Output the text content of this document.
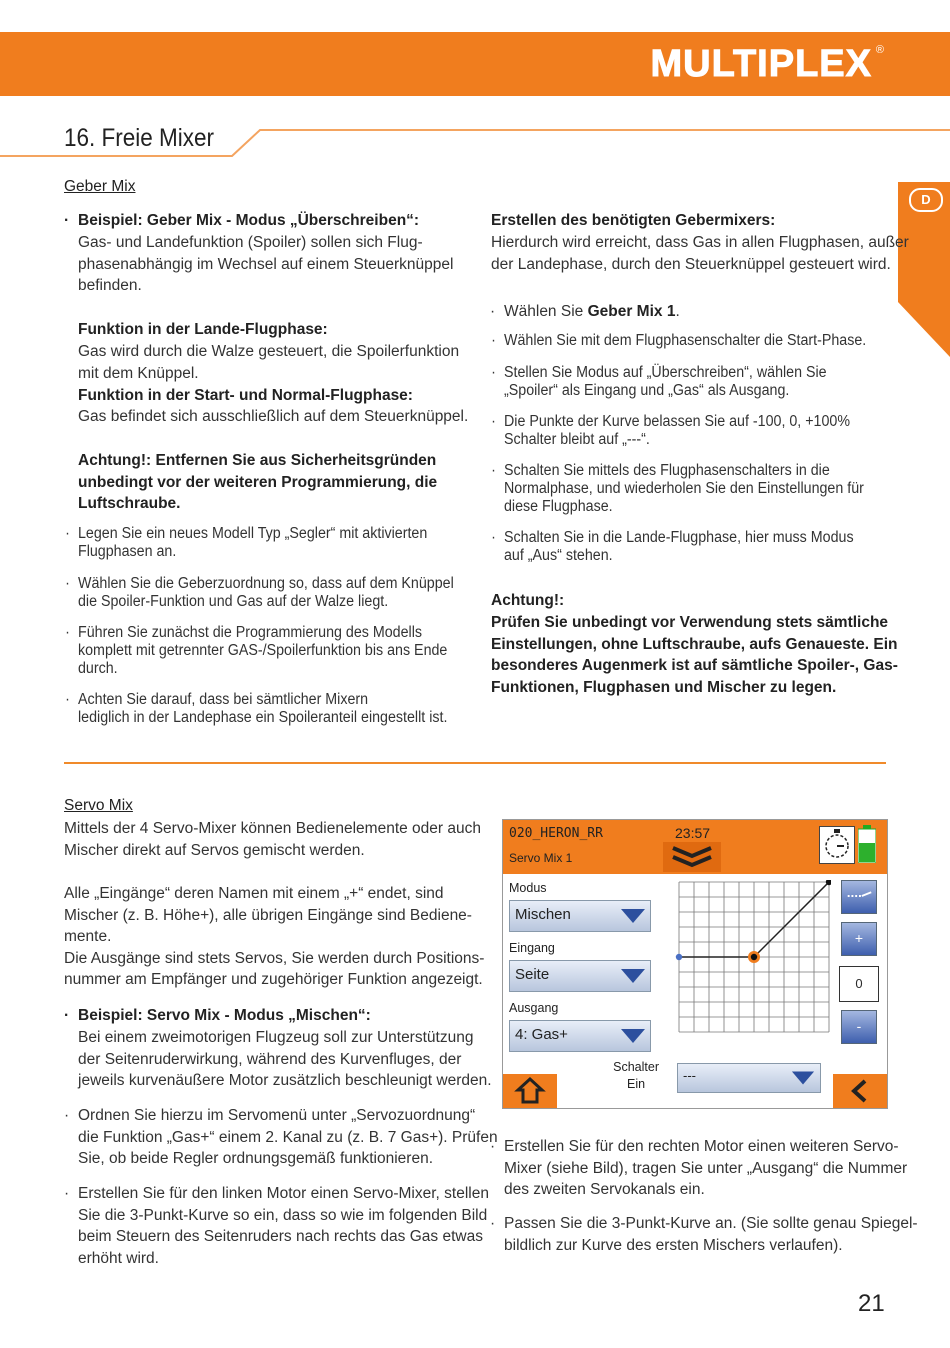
MULTIPLEX ®
16. Freie Mixer
D
Geber Mix
· Beispiel: Geber Mix - Modus „Überschreiben“:
Gas- und Landefunktion (Spoiler) sollen sich Flug-
phasenabhängig im Wechsel auf einem Steuerknüppel
befinden.
Funktion in der Lande-Flugphase:
Gas wird durch die Walze gesteuert, die Spoilerfunktion
mit dem Knüppel.
Funktion in der Start- und Normal-Flugphase:
Gas befindet sich ausschließlich auf dem Steuerknüppel.
Achtung!: Entfernen Sie aus Sicherheitsgründen
unbedingt vor der weiteren Programmierung, die
Luftschraube.
· Legen Sie ein neues Modell Typ „Segler“ mit aktivierten
Flugphasen an.
· Wählen Sie die Geberzuordnung so, dass auf dem Knüppel
die Spoiler-Funktion und Gas auf der Walze liegt.
· Führen Sie zunächst die Programmierung des Modells
komplett mit getrennter GAS-/Spoilerfunktion bis ans Ende
durch.
· Achten Sie darauf, dass bei sämtlicher Mixern
lediglich in der Landephase ein Spoileranteil eingestellt ist.
Erstellen des benötigten Gebermixers:
Hierdurch wird erreicht, dass Gas in allen Flugphasen, außer
der Landephase, durch den Steuerknüppel gesteuert wird.
· Wählen Sie Geber Mix 1.
· Wählen Sie mit dem Flugphasenschalter die Start-Phase.
· Stellen Sie Modus auf „Überschreiben“, wählen Sie
„Spoiler“ als Eingang und „Gas“ als Ausgang.
· Die Punkte der Kurve belassen Sie auf -100, 0, +100%
Schalter bleibt auf „---“.
· Schalten Sie mittels des Flugphasenschalters in die
Normalphase, und wiederholen Sie den Einstellungen für
diese Flugphase.
· Schalten Sie in die Lande-Flugphase, hier muss Modus
auf „Aus“ stehen.
Achtung!:
Prüfen Sie unbedingt vor Verwendung stets sämtliche
Einstellungen, ohne Luftschraube, aufs Genaueste. Ein
besonderes Augenmerk ist auf sämtliche Spoiler-, Gas-
Funktionen, Flugphasen und Mischer zu legen.
Servo Mix
Mittels der 4 Servo-Mixer können Bedienelemente oder auch
Mischer direkt auf Servos gemischt werden.
Alle „Eingänge“ deren Namen mit einem „+“ endet, sind
Mischer (z. B. Höhe+), alle übrigen Eingänge sind Bediene-
mente.
Die Ausgänge sind stets Servos, Sie werden durch Positions-
nummer am Empfänger und zugehöriger Funktion angezeigt.
· Beispiel: Servo Mix - Modus „Mischen“:
Bei einem zweimotorigen Flugzeug soll zur Unterstützung
der Seitenruderwirkung, während des Kurvenfluges, der
jeweils kurvenäußere Motor zusätzlich beschleunigt werden.
· Ordnen Sie hierzu im Servomenü unter „Servozuordnung“
die Funktion „Gas+“ einem 2. Kanal zu (z. B. 7 Gas+). Prüfen
Sie, ob beide Regler ordnungsgemäß funktionieren.
· Erstellen Sie für den linken Motor einen Servo-Mixer, stellen
Sie die 3-Punkt-Kurve so ein, dass so wie im folgenden Bild
beim Steuern des Seitenruders nach rechts das Gas etwas
erhöht wird.
· Erstellen Sie für den rechten Motor einen weiteren Servo-
Mixer (siehe Bild), tragen Sie unter „Ausgang“ die Nummer
des zweiten Servokanals ein.
· Passen Sie die 3-Punkt-Kurve an. (Sie sollte genau Spiegel-
bildlich zur Kurve des ersten Mischers verlaufen).
020_HERON_RR	23:57
Servo Mix 1
Modus
Mischen
Eingang
Seite
Ausgang
4: Gas+
+
0
-
Schalter
Ein
---
21
